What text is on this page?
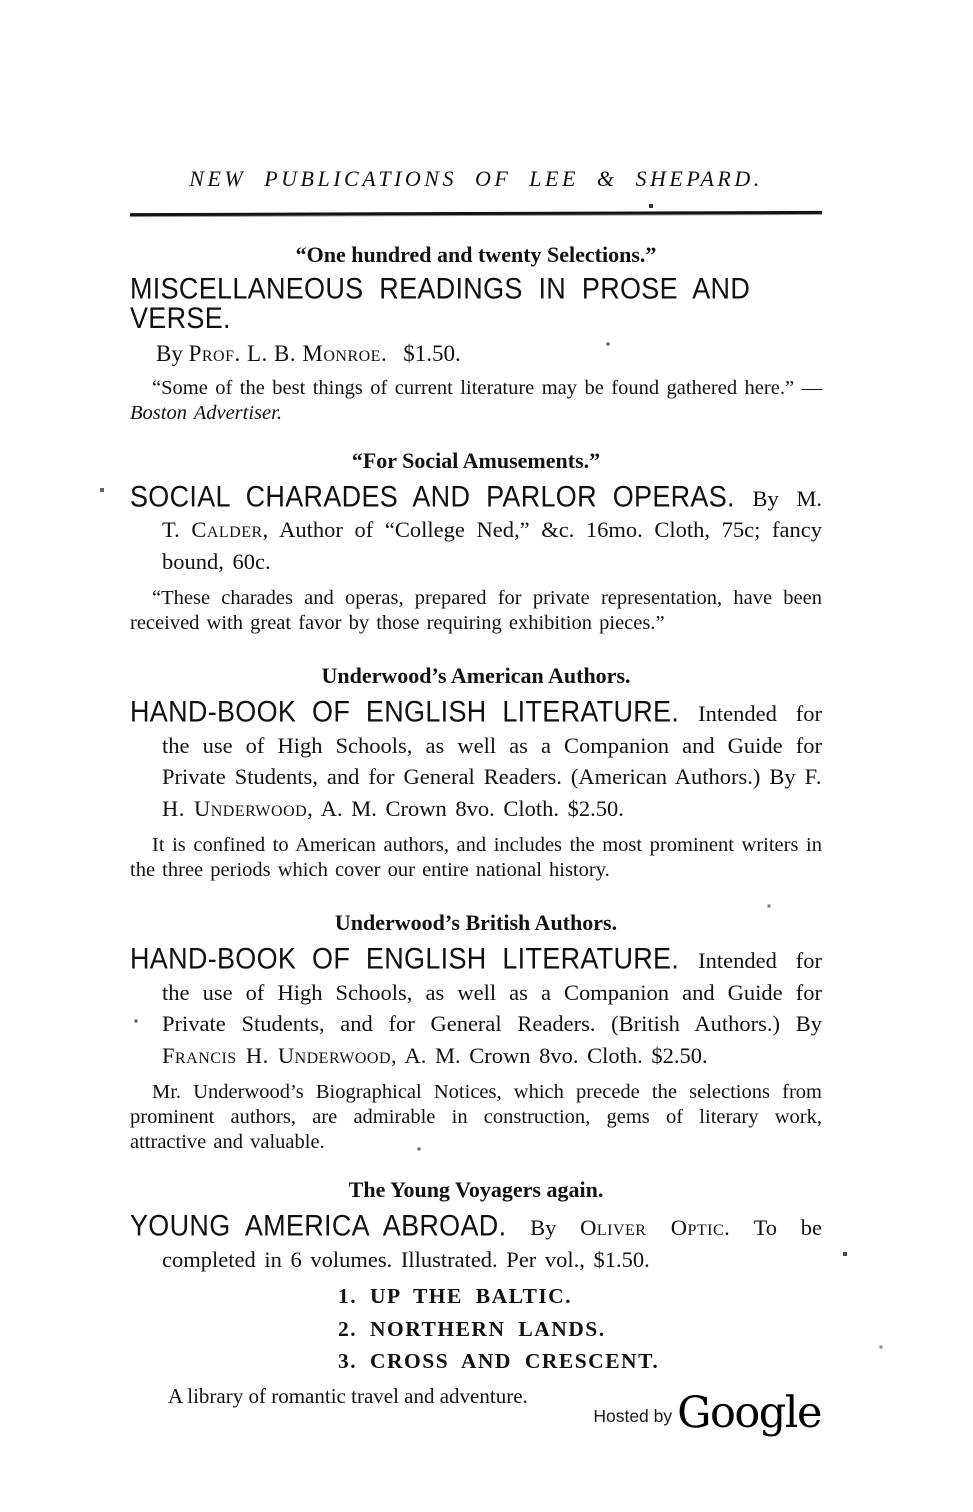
NEW PUBLICATIONS OF LEE & SHEPARD.

“One hundred and twenty Selections.”

MISCELLANEOUS READINGS IN PROSE AND VERSE.

By Prof. L. B. Monroe. $1.50.

“Some of the best things of current literature may be found gathered here.” — Boston Advertiser.

“For Social Amusements.”

SOCIAL CHARADES AND PARLOR OPERAS. By M. T. Calder, Author of “College Ned,” &c. 16mo. Cloth, 75c; fancy bound, 60c.

“These charades and operas, prepared for private representation, have been received with great favor by those requiring exhibition pieces.”

Underwood’s American Authors.

HAND-BOOK OF ENGLISH LITERATURE. Intended for the use of High Schools, as well as a Companion and Guide for Private Students, and for General Readers. (American Authors.) By F. H. Underwood, A. M. Crown 8vo. Cloth. $2.50.

It is confined to American authors, and includes the most prominent writers in the three periods which cover our entire national history.

Underwood’s British Authors.

HAND-BOOK OF ENGLISH LITERATURE. Intended for the use of High Schools, as well as a Companion and Guide for Private Students, and for General Readers. (British Authors.) By Francis H. Underwood, A. M. Crown 8vo. Cloth. $2.50.

Mr. Underwood’s Biographical Notices, which precede the selections from prominent authors, are admirable in construction, gems of literary work, attractive and valuable.

The Young Voyagers again.

YOUNG AMERICA ABROAD. By Oliver Optic. To be completed in 6 volumes. Illustrated. Per vol., $1.50.

1. UP THE BALTIC.

2. NORTHERN LANDS.

3. CROSS AND CRESCENT.

A library of romantic travel and adventure.

Hosted by Google
